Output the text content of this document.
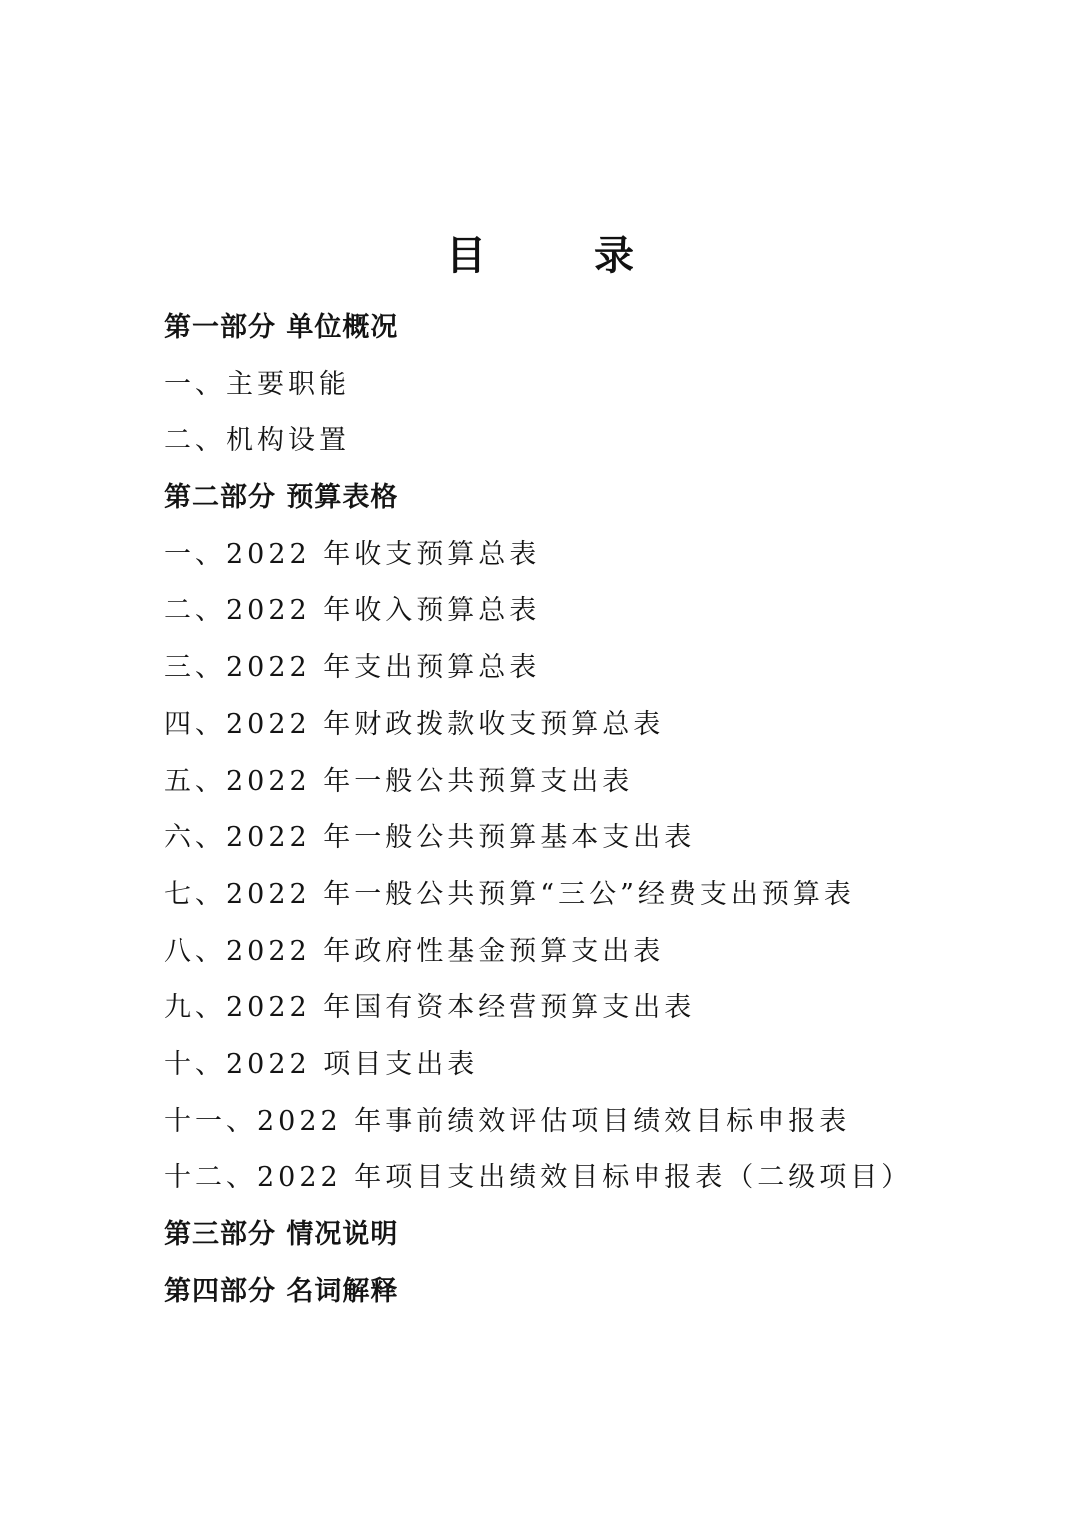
目　录
第一部分 单位概况
一、主要职能
二、机构设置
第二部分 预算表格
一、2022 年收支预算总表
二、2022 年收入预算总表
三、2022 年支出预算总表
四、2022 年财政拨款收支预算总表
五、2022 年一般公共预算支出表
六、2022 年一般公共预算基本支出表
七、2022 年一般公共预算“三公”经费支出预算表
八、2022 年政府性基金预算支出表
九、2022 年国有资本经营预算支出表
十、2022 项目支出表
十一、2022 年事前绩效评估项目绩效目标申报表
十二、2022 年项目支出绩效目标申报表（二级项目）
第三部分 情况说明
第四部分 名词解释
